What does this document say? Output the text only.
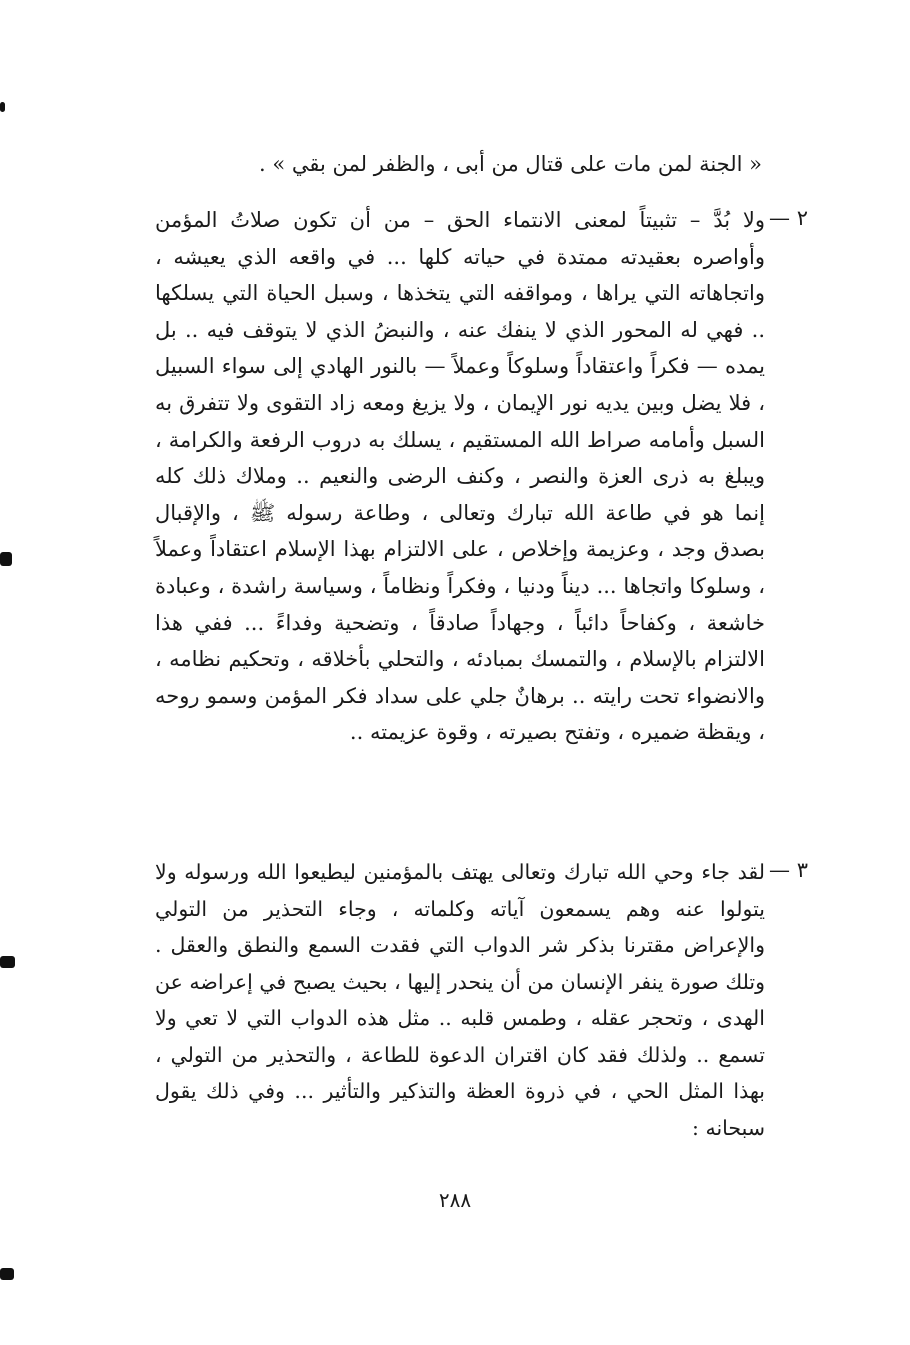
« الجنة لمن مات على قتال من أبى ، والظفر لمن بقي » .
٢ —

ولا بُدَّ – تثبيتاً لمعنى الانتماء الحق – من أن تكون صلاتُ المؤمن وأواصره بعقيدته ممتدة في حياته كلها ... في واقعه الذي يعيشه ، واتجاهاته التي يراها ، ومواقفه التي يتخذها ، وسبل الحياة التي يسلكها .. فهي له المحور الذي لا ينفك عنه ، والنبضُ الذي لا يتوقف فيه .. بل يمده — فكراً واعتقاداً وسلوكاً وعملاً — بالنور الهادي إلى سواء السبيل ، فلا يضل وبين يديه نور الإيمان ، ولا يزيغ ومعه زاد التقوى ولا تتفرق به السبل وأمامه صراط الله المستقيم ، يسلك به دروب الرفعة والكرامة ، ويبلغ به ذرى العزة والنصر ، وكنف الرضى والنعيم .. وملاك ذلك كله إنما هو في طاعة الله تبارك وتعالى ، وطاعة رسوله ﷺ ، والإقبال بصدق وجد ، وعزيمة وإخلاص ، على الالتزام بهذا الإسلام اعتقاداً وعملاً ، وسلوكا واتجاها ... ديناً ودنيا ، وفكراً ونظاماً ، وسياسة راشدة ، وعبادة خاشعة ، وكفاحاً دائباً ، وجهاداً صادقاً ، وتضحية وفداءً ... ففي هذا الالتزام بالإسلام ، والتمسك بمبادئه ، والتحلي بأخلاقه ، وتحكيم نظامه ، والانضواء تحت رايته .. برهانٌ جلي على سداد فكر المؤمن وسمو روحه ، ويقظة ضميره ، وتفتح بصيرته ، وقوة عزيمته ..

٣ —

لقد جاء وحي الله تبارك وتعالى يهتف بالمؤمنين ليطيعوا الله ورسوله ولا يتولوا عنه وهم يسمعون آياته وكلماته ، وجاء التحذير من التولي والإعراض مقترنا بذكر شر الدواب التي فقدت السمع والنطق والعقل . وتلك صورة ينفر الإنسان من أن ينحدر إليها ، بحيث يصبح في إعراضه عن الهدى ، وتحجر عقله ، وطمس قلبه .. مثل هذه الدواب التي لا تعي ولا تسمع .. ولذلك فقد كان اقتران الدعوة للطاعة ، والتحذير من التولي ، بهذا المثل الحي ، في ذروة العظة والتذكير والتأثير ... وفي ذلك يقول سبحانه :

٢٨٨
